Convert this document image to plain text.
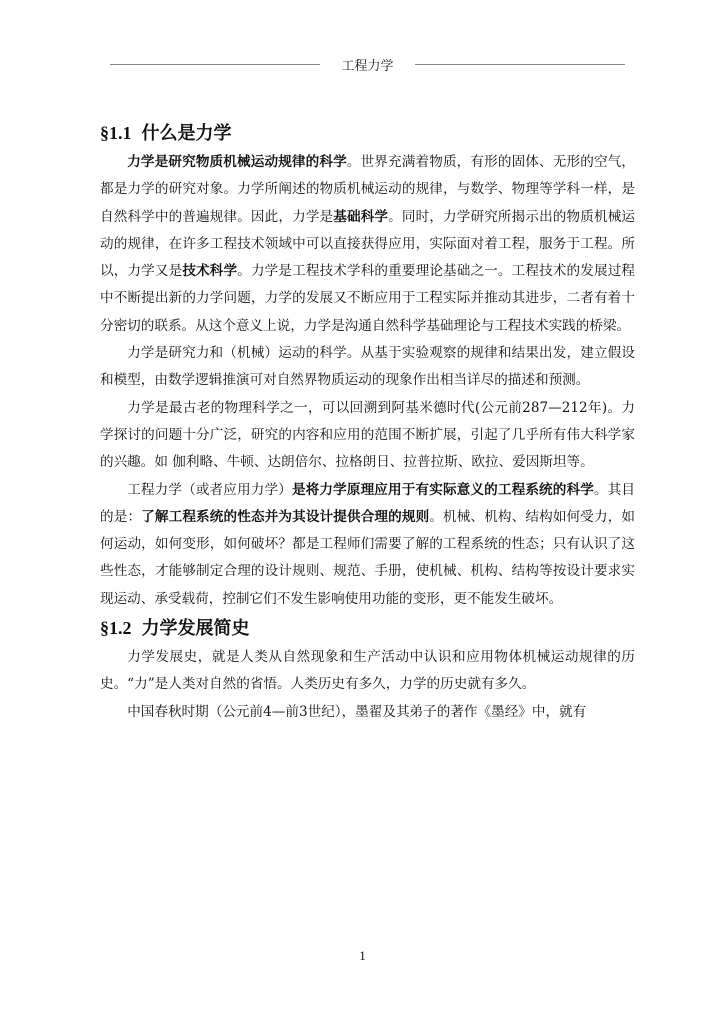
工程力学
§1.1 什么是力学

力学是研究物质机械运动规律的科学。世界充满着物质，有形的固体、无形的空气，都是力学的研究对象。力学所阐述的物质机械运动的规律，与数学、物理等学科一样，是自然科学中的普遍规律。因此，力学是基础科学。同时，力学研究所揭示出的物质机械运动的规律，在许多工程技术领域中可以直接获得应用，实际面对着工程，服务于工程。所以，力学又是技术科学。力学是工程技术学科的重要理论基础之一。工程技术的发展过程中不断提出新的力学问题，力学的发展又不断应用于工程实际并推动其进步，二者有着十分密切的联系。从这个意义上说，力学是沟通自然科学基础理论与工程技术实践的桥梁。

力学是研究力和（机械）运动的科学。从基于实验观察的规律和结果出发，建立假设和模型，由数学逻辑推演可对自然界物质运动的现象作出相当详尽的描述和预测。

力学是最古老的物理科学之一，可以回溯到阿基米德时代(公元前287—212年)。力学探讨的问题十分广泛，研究的内容和应用的范围不断扩展，引起了几乎所有伟大科学家的兴趣。如 伽利略、牛顿、达朗倍尔、拉格朗日、拉普拉斯、欧拉、爱因斯坦等。

工程力学（或者应用力学）是将力学原理应用于有实际意义的工程系统的科学。其目的是：了解工程系统的性态并为其设计提供合理的规则。机械、机构、结构如何受力，如何运动，如何变形，如何破坏？都是工程师们需要了解的工程系统的性态；只有认识了这些性态，才能够制定合理的设计规则、规范、手册，使机械、机构、结构等按设计要求实现运动、承受载荷，控制它们不发生影响使用功能的变形，更不能发生破坏。

§1.2 力学发展简史

力学发展史，就是人类从自然现象和生产活动中认识和应用物体机械运动规律的历史。“力”是人类对自然的省悟。人类历史有多久，力学的历史就有多久。

中国春秋时期（公元前4—前3世纪），墨翟及其弟子的著作《墨经》中，就有

1
